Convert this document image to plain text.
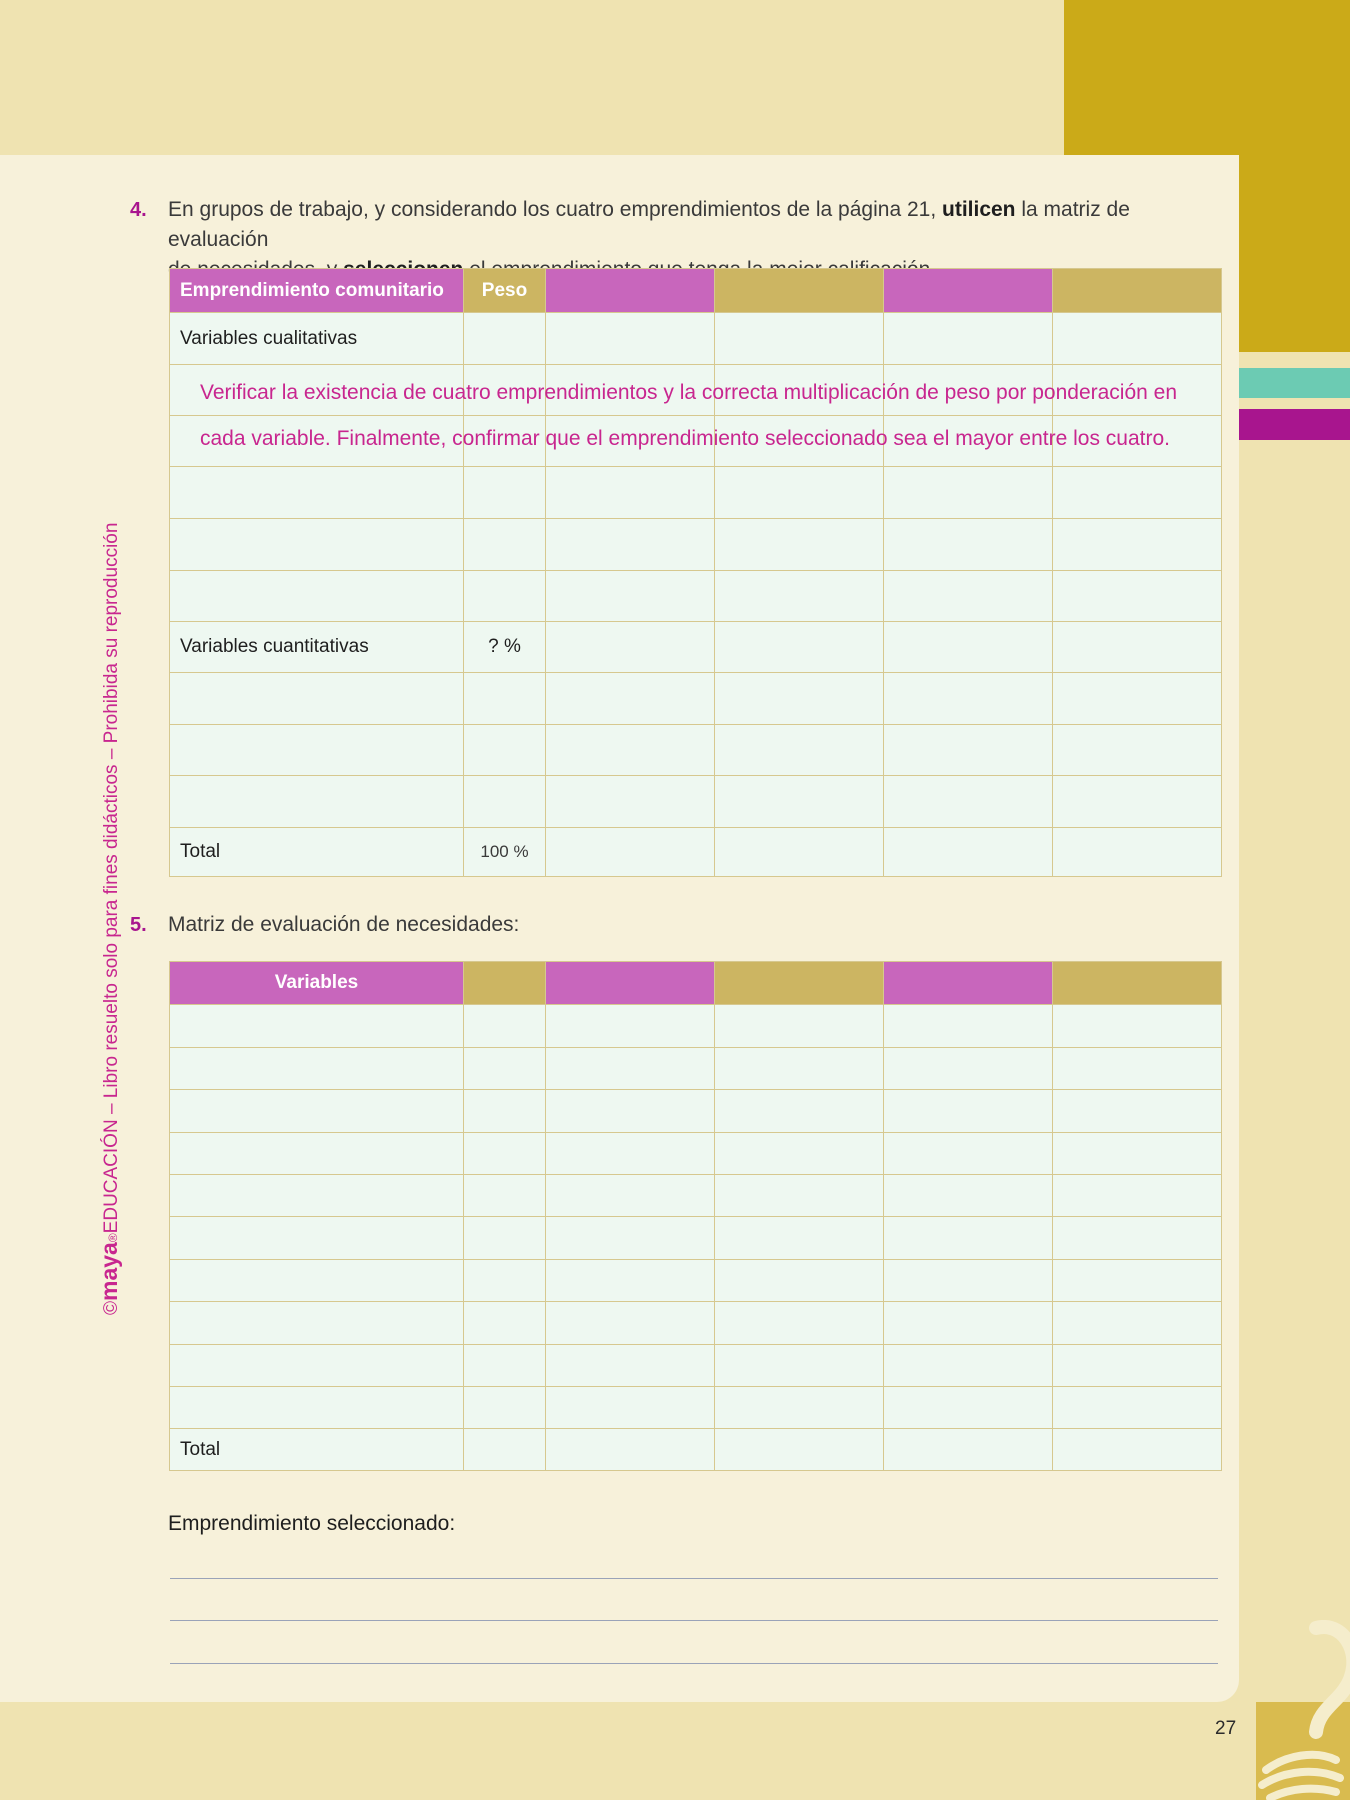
27
©maya®EDUCACIÓN – Libro resuelto solo para fines didácticos – Prohibida su reproducción
4. En grupos de trabajo, y considerando los cuatro emprendimientos de la página 21, utilicen la matriz de evaluación
Emprendimiento comunitario	Peso				
Variables cualitativas					

Variables cuantitativas	? %				

Total	100 %				
Verificar la existencia de cuatro emprendimientos y la correcta multiplicación de peso por ponderación en
cada variable. Finalmente, confirmar que el emprendimiento seleccionado sea el mayor entre los cuatro.
5. Matriz de evaluación de necesidades:
Variables					

Total					
Emprendimiento seleccionado:
